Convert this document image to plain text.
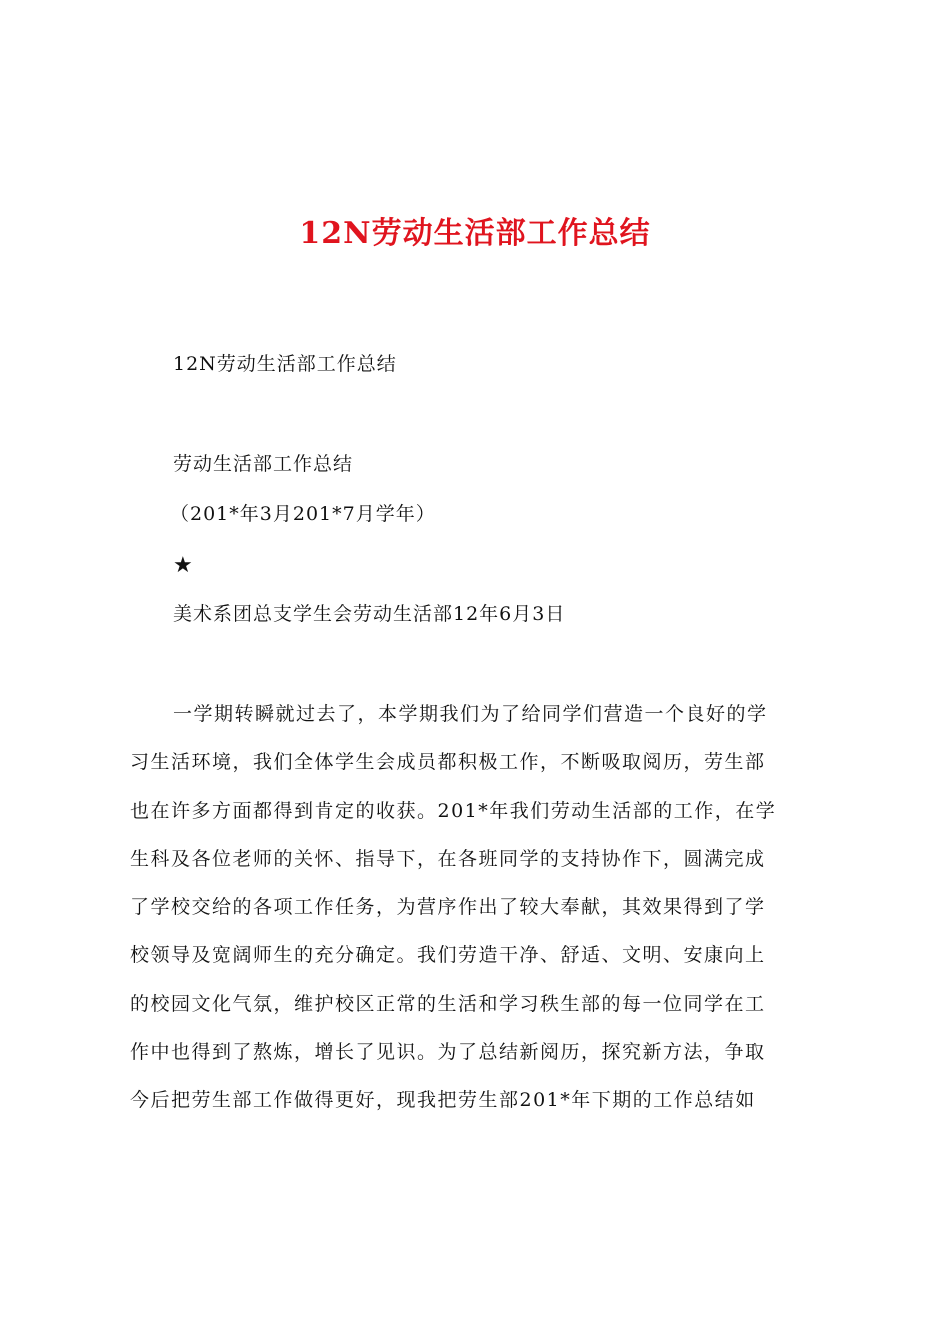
12N劳动生活部工作总结
12N劳动生活部工作总结
劳动生活部工作总结
（201*年3月201*7月学年）
★
美术系团总支学生会劳动生活部12年6月3日
一学期转瞬就过去了，本学期我们为了给同学们营造一个良好的学
习生活环境，我们全体学生会成员都积极工作，不断吸取阅历，劳生部
也在许多方面都得到肯定的收获。201*年我们劳动生活部的工作，在学
生科及各位老师的关怀、指导下，在各班同学的支持协作下，圆满完成
了学校交给的各项工作任务，为营序作出了较大奉献，其效果得到了学
校领导及宽阔师生的充分确定。我们劳造干净、舒适、文明、安康向上
的校园文化气氛，维护校区正常的生活和学习秩生部的每一位同学在工
作中也得到了熬炼，增长了见识。为了总结新阅历，探究新方法，争取
今后把劳生部工作做得更好，现我把劳生部201*年下期的工作总结如
